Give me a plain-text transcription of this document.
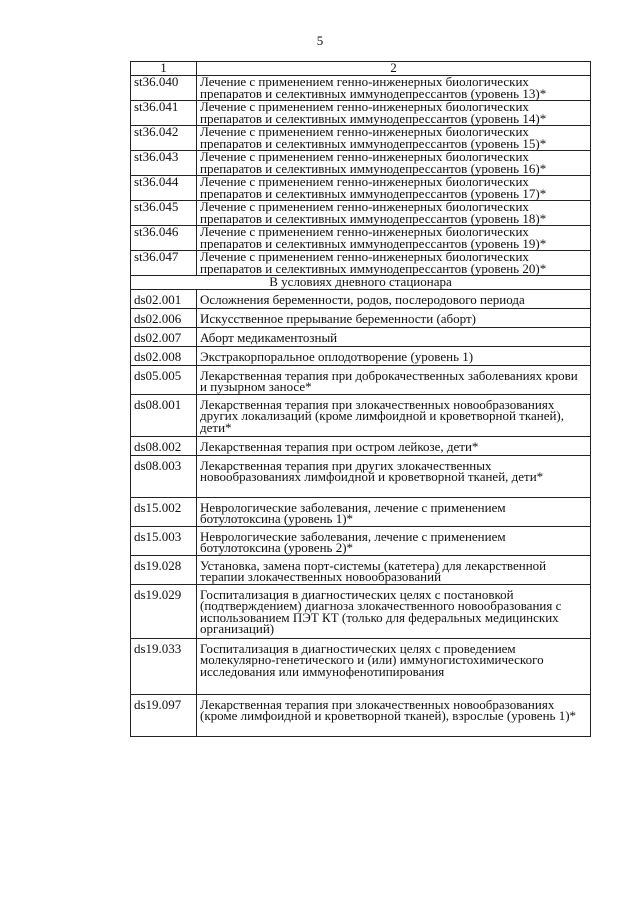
5
1	2
st36.040	Лечение с применением генно-инженерных биологических препаратов и селективных иммунодепрессантов (уровень 13)*
st36.041	Лечение с применением генно-инженерных биологических препаратов и селективных иммунодепрессантов (уровень 14)*
st36.042	Лечение с применением генно-инженерных биологических препаратов и селективных иммунодепрессантов (уровень 15)*
st36.043	Лечение с применением генно-инженерных биологических препаратов и селективных иммунодепрессантов (уровень 16)*
st36.044	Лечение с применением генно-инженерных биологических препаратов и селективных иммунодепрессантов (уровень 17)*
st36.045	Лечение с применением генно-инженерных биологических препаратов и селективных иммунодепрессантов (уровень 18)*
st36.046	Лечение с применением генно-инженерных биологических препаратов и селективных иммунодепрессантов (уровень 19)*
st36.047	Лечение с применением генно-инженерных биологических препаратов и селективных иммунодепрессантов (уровень 20)*
В условиях дневного стационара	
ds02.001	Осложнения беременности, родов, послеродового периода
ds02.006	Искусственное прерывание беременности (аборт)
ds02.007	Аборт медикаментозный
ds02.008	Экстракорпоральное оплодотворение (уровень 1)
ds05.005	Лекарственная терапия при доброкачественных заболеваниях крови и пузырном заносе*
ds08.001	Лекарственная терапия при злокачественных новообразованиях других локализаций (кроме лимфоидной и кроветворной тканей), дети*
ds08.002	Лекарственная терапия при остром лейкозе, дети*
ds08.003	Лекарственная терапия при других злокачественных новообразованиях лимфоидной и кроветворной тканей, дети*
ds15.002	Неврологические заболевания, лечение с применением ботулотоксина (уровень 1)*
ds15.003	Неврологические заболевания, лечение с применением ботулотоксина (уровень 2)*
ds19.028	Установка, замена порт-системы (катетера) для лекарственной терапии злокачественных новообразований
ds19.029	Госпитализация в диагностических целях с постановкой (подтверждением) диагноза злокачественного новообразования с использованием ПЭТ КТ (только для федеральных медицинских организаций)
ds19.033	Госпитализация в диагностических целях с проведением молекулярно-генетического и (или) иммуногистохимического исследования или иммунофенотипирования
ds19.097	Лекарственная терапия при злокачественных новообразованиях (кроме лимфоидной и кроветворной тканей), взрослые (уровень 1)*
